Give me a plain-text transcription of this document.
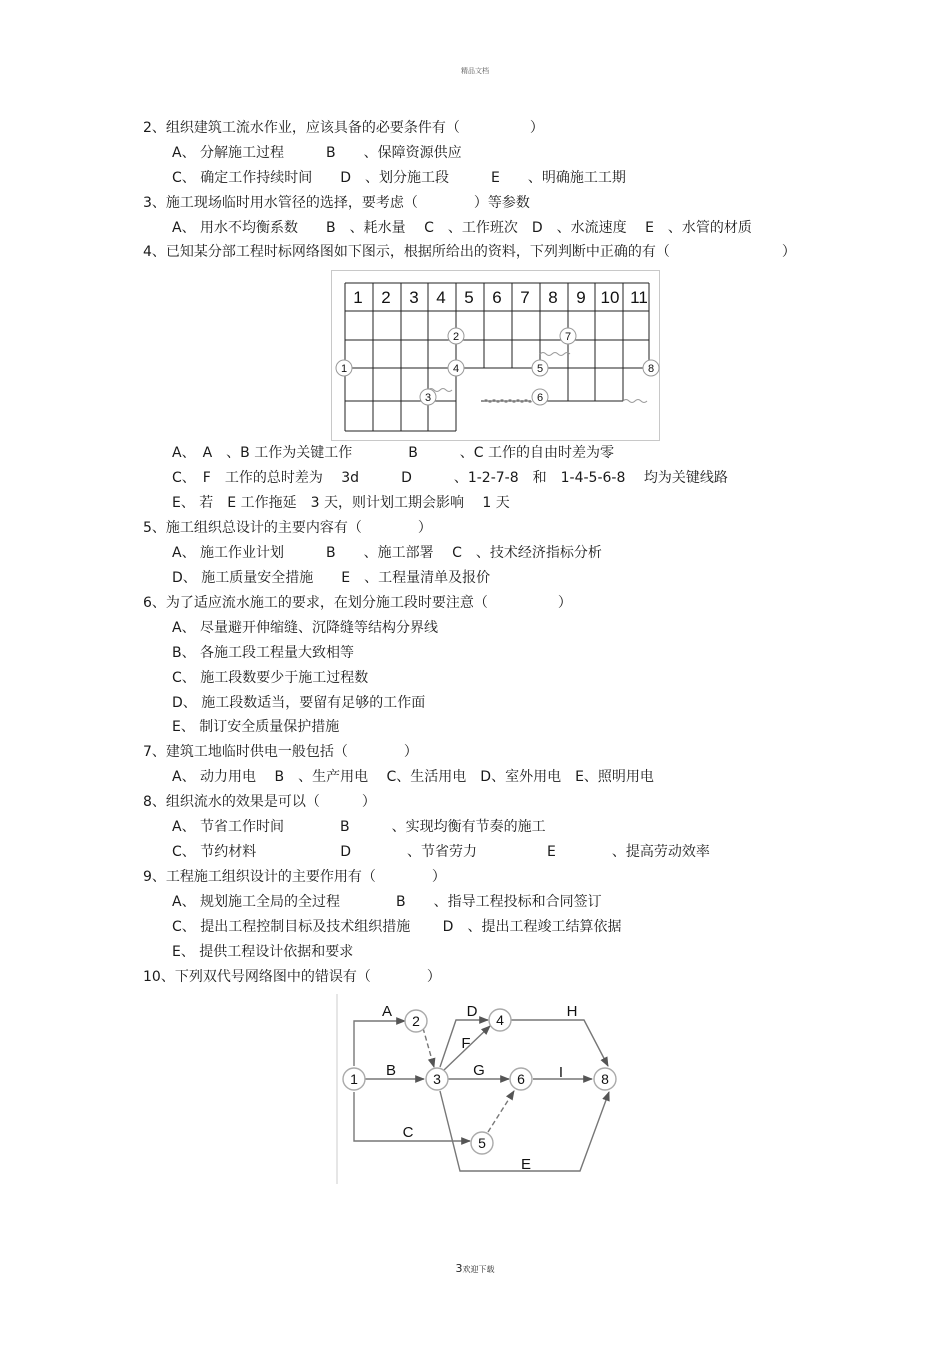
精品文档
2、组织建筑工流水作业，应该具备的必要条件有（　　　　　）
A、 分解施工过程　　　B　　、保障资源供应
C、 确定工作持续时间　　D　、划分施工段　　　E　　、明确施工工期
3、施工现场临时用水管径的选择，要考虑（　　　　）等参数
A、 用水不均衡系数　　B　、耗水量　 C　、工作班次　D　、水流速度　 E　、水管的材质
4、已知某分部工程时标网络图如下图示，根据所给出的资料，下列判断中正确的有（　　　　　　　　）
1 2 3 4 5 6 7 8 9 10 11
1
2
3
4	5
6
7
8
A、　A　、B 工作为关键工作　　　　B　　　、C 工作的自由时差为零
C、　F　工作的总时差为　 3d　　　D　　　、1-2-7-8　和　1-4-5-6-8　 均为关键线路
E、 若　E 工作拖延　3 天，则计划工期会影响　 1 天
5、施工组织总设计的主要内容有（　　　　）
A、 施工作业计划　　　B　　、施工部署　 C　、技术经济指标分析
D、 施工质量安全措施　　E　、工程量清单及报价
6、为了适应流水施工的要求，在划分施工段时要注意（　　　　　）
A、 尽量避开伸缩缝、沉降缝等结构分界线
B、 各施工段工程量大致相等
C、 施工段数要少于施工过程数
D、 施工段数适当，要留有足够的工作面
E、 制订安全质量保护措施
7、建筑工地临时供电一般包括（　　　　）
A、 动力用电　 B　、生产用电　 C、生活用电　D、室外用电　E、照明用电
8、组织流水的效果是可以（　　　）
A、 节省工作时间　　　　B　　　、实现均衡有节奏的施工
C、 节约材料　　　　　　D　　　　、节省劳力　　　　　E　　　　、提高劳动效率
9、工程施工组织设计的主要作用有（　　　　）
A、 规划施工全局的全过程　　　　B　　、指导工程投标和合同签订
C、 提出工程控制目标及技术组织措施　　 D　、提出工程竣工结算依据
E、 提供工程设计依据和要求
10、下列双代号网络图中的错误有（　　　　）
A
B
C
D
E
F
G
H
I
1
2
3
4
5
6	8
3欢迎下载
